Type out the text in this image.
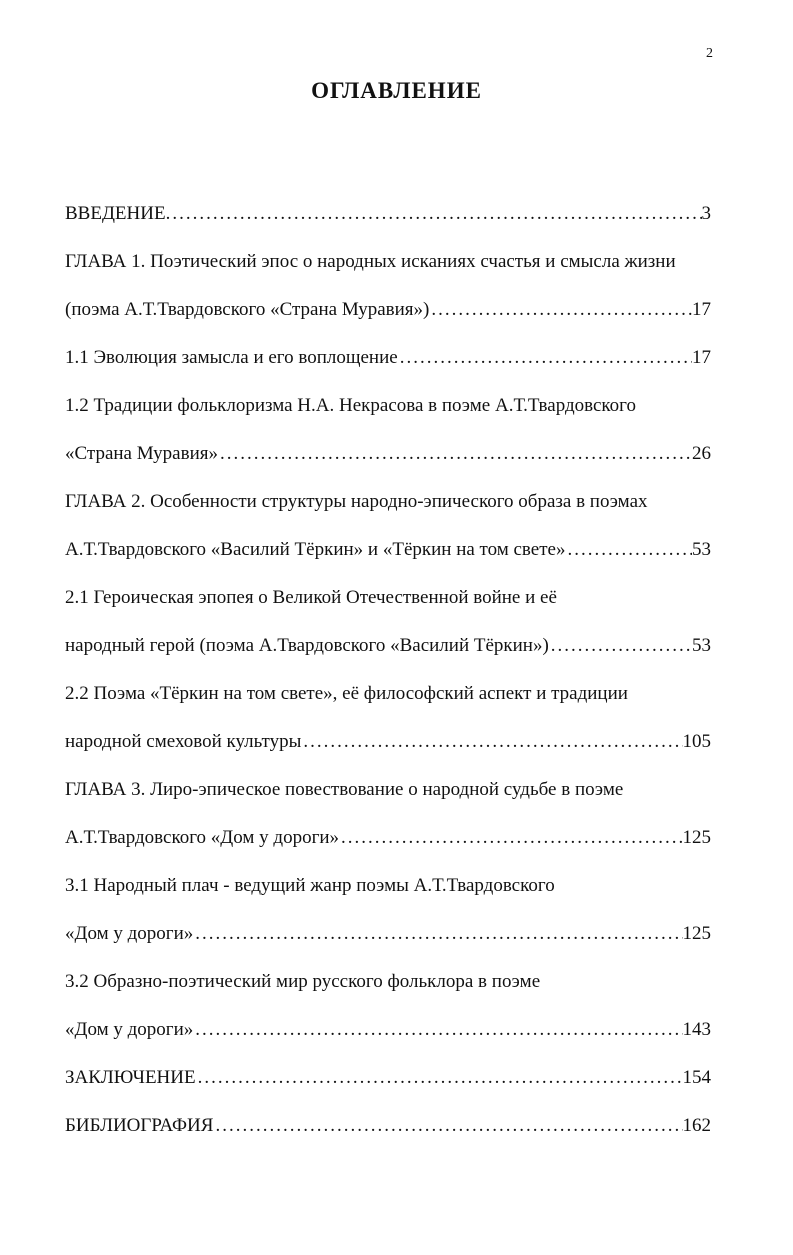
2
ОГЛАВЛЕНИЕ
ВВЕДЕНИЕ. .....	3
ГЛАВА 1. Поэтический эпос о народных исканиях счастья и смысла жизни
(поэма А.Т.Твардовского «Страна Муравия») .....	17
1.1 Эволюция замысла и его воплощение .....	17
1.2 Традиции фольклоризма Н.А. Некрасова в поэме А.Т.Твардовского
«Страна Муравия» .....	26
ГЛАВА 2. Особенности структуры народно-эпического образа в поэмах
А.Т.Твардовского «Василий Тёркин» и «Тёркин на том свете» .....	53
2.1 Героическая эпопея о Великой Отечественной войне и её
народный герой (поэма А.Твардовского «Василий Тёркин») .....	53
2.2 Поэма «Тёркин на том свете», её философский аспект и традиции
народной смеховой культуры .....	105
ГЛАВА 3. Лиро-эпическое повествование о народной судьбе в поэме
А.Т.Твардовского «Дом у дороги» .....	125
3.1 Народный плач - ведущий жанр поэмы А.Т.Твардовского
«Дом у дороги» .....	125
3.2 Образно-поэтический мир русского фольклора в поэме
«Дом у дороги» .....	143
ЗАКЛЮЧЕНИЕ .....	154
БИБЛИОГРАФИЯ .....	162
